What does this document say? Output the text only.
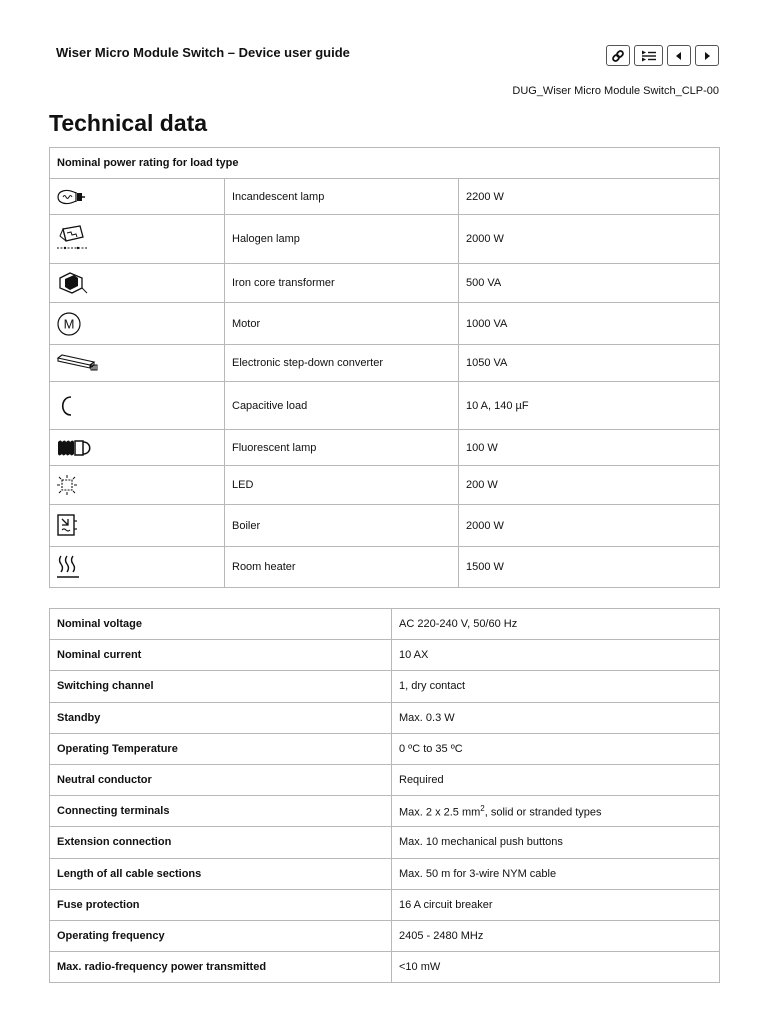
Wiser Micro Module Switch – Device user guide
DUG_Wiser Micro Module Switch_CLP-00
Technical data
Nominal power rating for load type		

	Incandescent lamp	2200 W

	Halogen lamp	2000 W

	Iron core transformer	500 VA

M	Motor	1000 VA

	Electronic step-down converter	1050 VA

	Capacitive load	10 A, 140 µF

	Fluorescent lamp	100 W

	LED	200 W

	Boiler	2000 W

	Room heater	1500 W
Nominal voltage	AC 220-240 V, 50/60 Hz
Nominal current	10 AX
Switching channel	1, dry contact
Standby	Max. 0.3 W
Operating Temperature	0 ºC to 35 ºC
Neutral conductor	Required
Connecting terminals	Max. 2 x 2.5 $mm^2$, solid or stranded types
Extension connection	Max. 10 mechanical push buttons
Length of all cable sections	Max. 50 m for 3-wire NYM cable
Fuse protection	16 A circuit breaker
Operating frequency	2405 - 2480 MHz
Max. radio-frequency power transmitted	<10 mW
